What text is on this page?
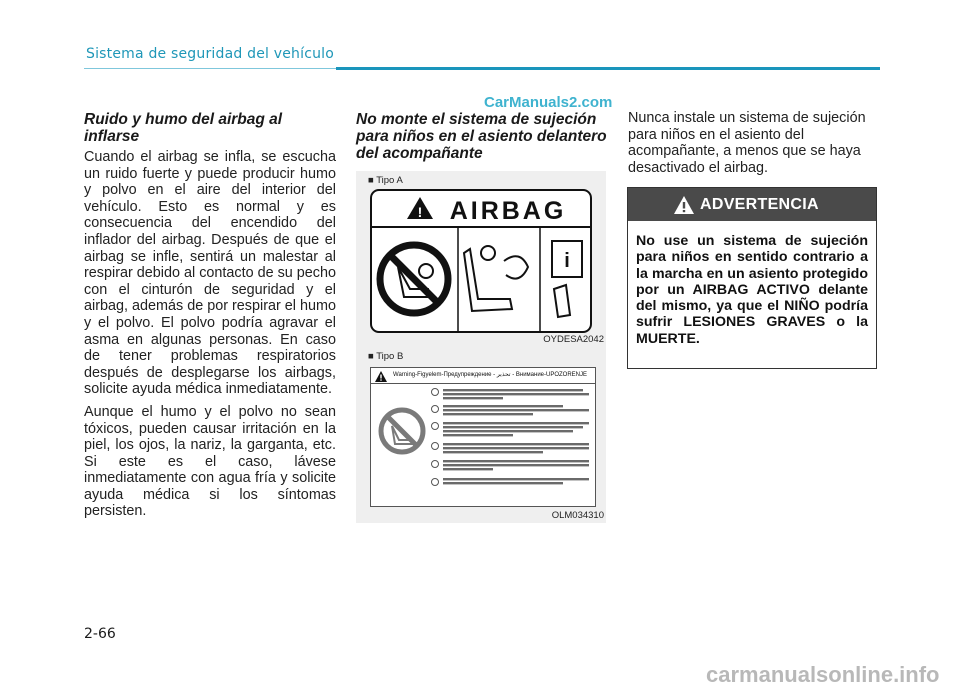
Sistema de seguridad del vehículo
CarManuals2.com
Ruido y humo del airbag al inflarse

Cuando el airbag se infla, se escucha un ruido fuerte y puede producir humo y polvo en el aire del interior del vehículo. Esto es normal y es consecuencia del encendido del inflador del airbag. Después de que el airbag se infle, sentirá un malestar al respirar debido al contacto de su pecho con el cinturón de seguridad y el airbag, además de por respirar el humo y el polvo. El polvo podría agravar el asma en algunas personas. En caso de tener problemas respiratorios después de desplegarse los airbags, solicite ayuda médica inmediatamente.

Aunque el humo y el polvo no sean tóxicos, pueden causar irritación en la piel, los ojos, la nariz, la garganta, etc. Si este es el caso, lávese inmediatamente con agua fría y solicite ayuda médica si los síntomas persisten.

No monte el sistema de sujeción para niños en el asiento delantero del acompañante
■ Tipo A
! AIRBAG
i
OYDESA2042
■ Tipo B
Warning-Figyelem-Предупреждение - تحذير - Внимание-UPOZORENJE
OLM034310
Nunca instale un sistema de sujeción para niños en el asiento del acompañante, a menos que se haya desactivado el airbag.
ADVERTENCIA
No use un sistema de sujeción para niños en sentido contrario a la marcha en un asiento protegido por un AIRBAG ACTIVO delante del mismo, ya que el NIÑO podría sufrir LESIONES GRAVES o la MUERTE.
2-66
carmanualsonline.info
